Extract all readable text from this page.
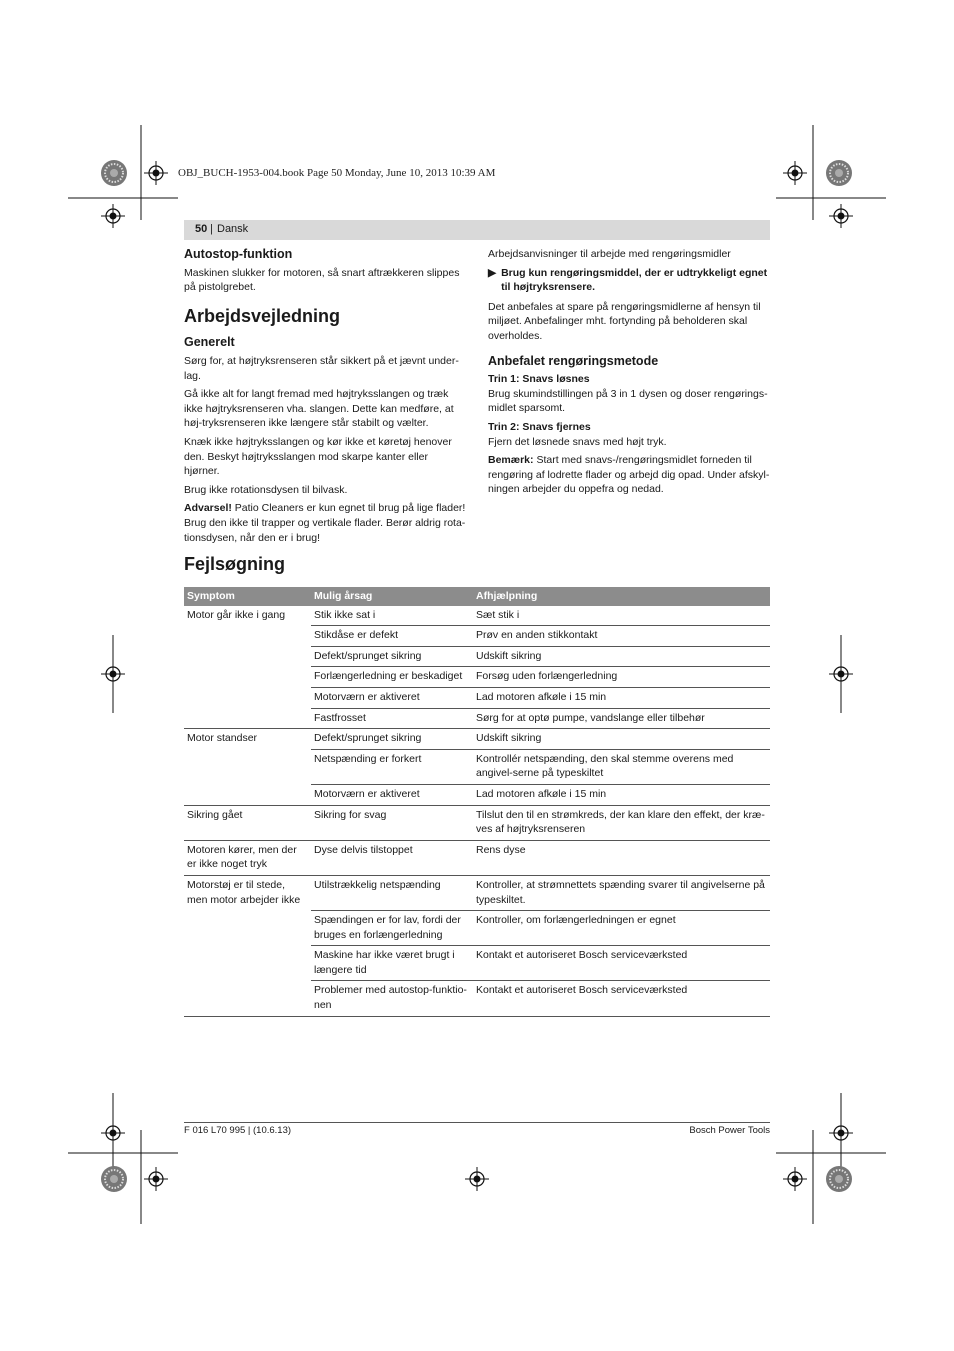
OBJ_BUCH-1953-004.book Page 50 Monday, June 10, 2013 10:39 AM
50 | Dansk
Autostop-funktion

Maskinen slukker for motoren, så snart aftrækkeren slippes på pistolgrebet.

Arbejdsvejledning
Generelt

Sørg for, at højtryksrenseren står sikkert på et jævnt under-lag.

Gå ikke alt for langt fremad med højtryksslangen og træk ikke højtryksrenseren vha. slangen. Dette kan medføre, at høj-tryksrenseren ikke længere står stabilt og vælter.

Knæk ikke højtryksslangen og kør ikke et køretøj henover den. Beskyt højtryksslangen mod skarpe kanter eller hjørner.

Brug ikke rotationsdysen til bilvask.

Advarsel! Patio Cleaners er kun egnet til brug på lige flader! Brug den ikke til trapper og vertikale flader. Berør aldrig rota-tionsdysen, når den er i brug!

Arbejdsanvisninger til arbejde med rengøringsmidler

▶ Brug kun rengøringsmiddel, der er udtrykkeligt egnet til højtryksrensere.

Det anbefales at spare på rengøringsmidlerne af hensyn til miljøet. Anbefalinger mht. fortynding på beholderen skal overholdes.

Anbefalet rengøringsmetode
Trin 1: Snavs løsnes

Brug skumindstillingen på 3 in 1 dysen og doser rengørings-midlet sparsomt.

Trin 2: Snavs fjernes

Fjern det løsnede snavs med højt tryk.

Bemærk: Start med snavs-/rengøringsmidlet forneden til rengøring af lodrette flader og arbejd dig opad. Under afskyl-ningen arbejder du oppefra og nedad.

Fejlsøgning
Symptom	Mulig årsag	Afhjælpning
Motor går ikke i gang	Stik ikke sat i	Sæt stik i
	Stikdåse er defekt	Prøv en anden stikkontakt
	Defekt/sprunget sikring	Udskift sikring
	Forlængerledning er beskadiget	Forsøg uden forlængerledning
	Motorværn er aktiveret	Lad motoren afkøle i 15 min
	Fastfrosset	Sørg for at optø pumpe, vandslange eller tilbehør
Motor standser	Defekt/sprunget sikring	Udskift sikring
	Netspænding er forkert	Kontrollér netspænding, den skal stemme overens med angivel-serne på typeskiltet
	Motorværn er aktiveret	Lad motoren afkøle i 15 min
Sikring gået	Sikring for svag	Tilslut den til en strømkreds, der kan klare den effekt, der kræ-ves af højtryksrenseren
Motoren kører, men der er ikke noget tryk	Dyse delvis tilstoppet	Rens dyse
Motorstøj er til stede, men motor arbejder ikke	Utilstrækkelig netspænding	Kontroller, at strømnettets spænding svarer til angivelserne på typeskiltet.
	Spændingen er for lav, fordi der bruges en forlængerledning	Kontroller, om forlængerledningen er egnet
	Maskine har ikke været brugt i længere tid	Kontakt et autoriseret Bosch serviceværksted
	Problemer med autostop-funktio-nen	Kontakt et autoriseret Bosch serviceværksted
F 016 L70 995 | (10.6.13)	Bosch Power Tools
